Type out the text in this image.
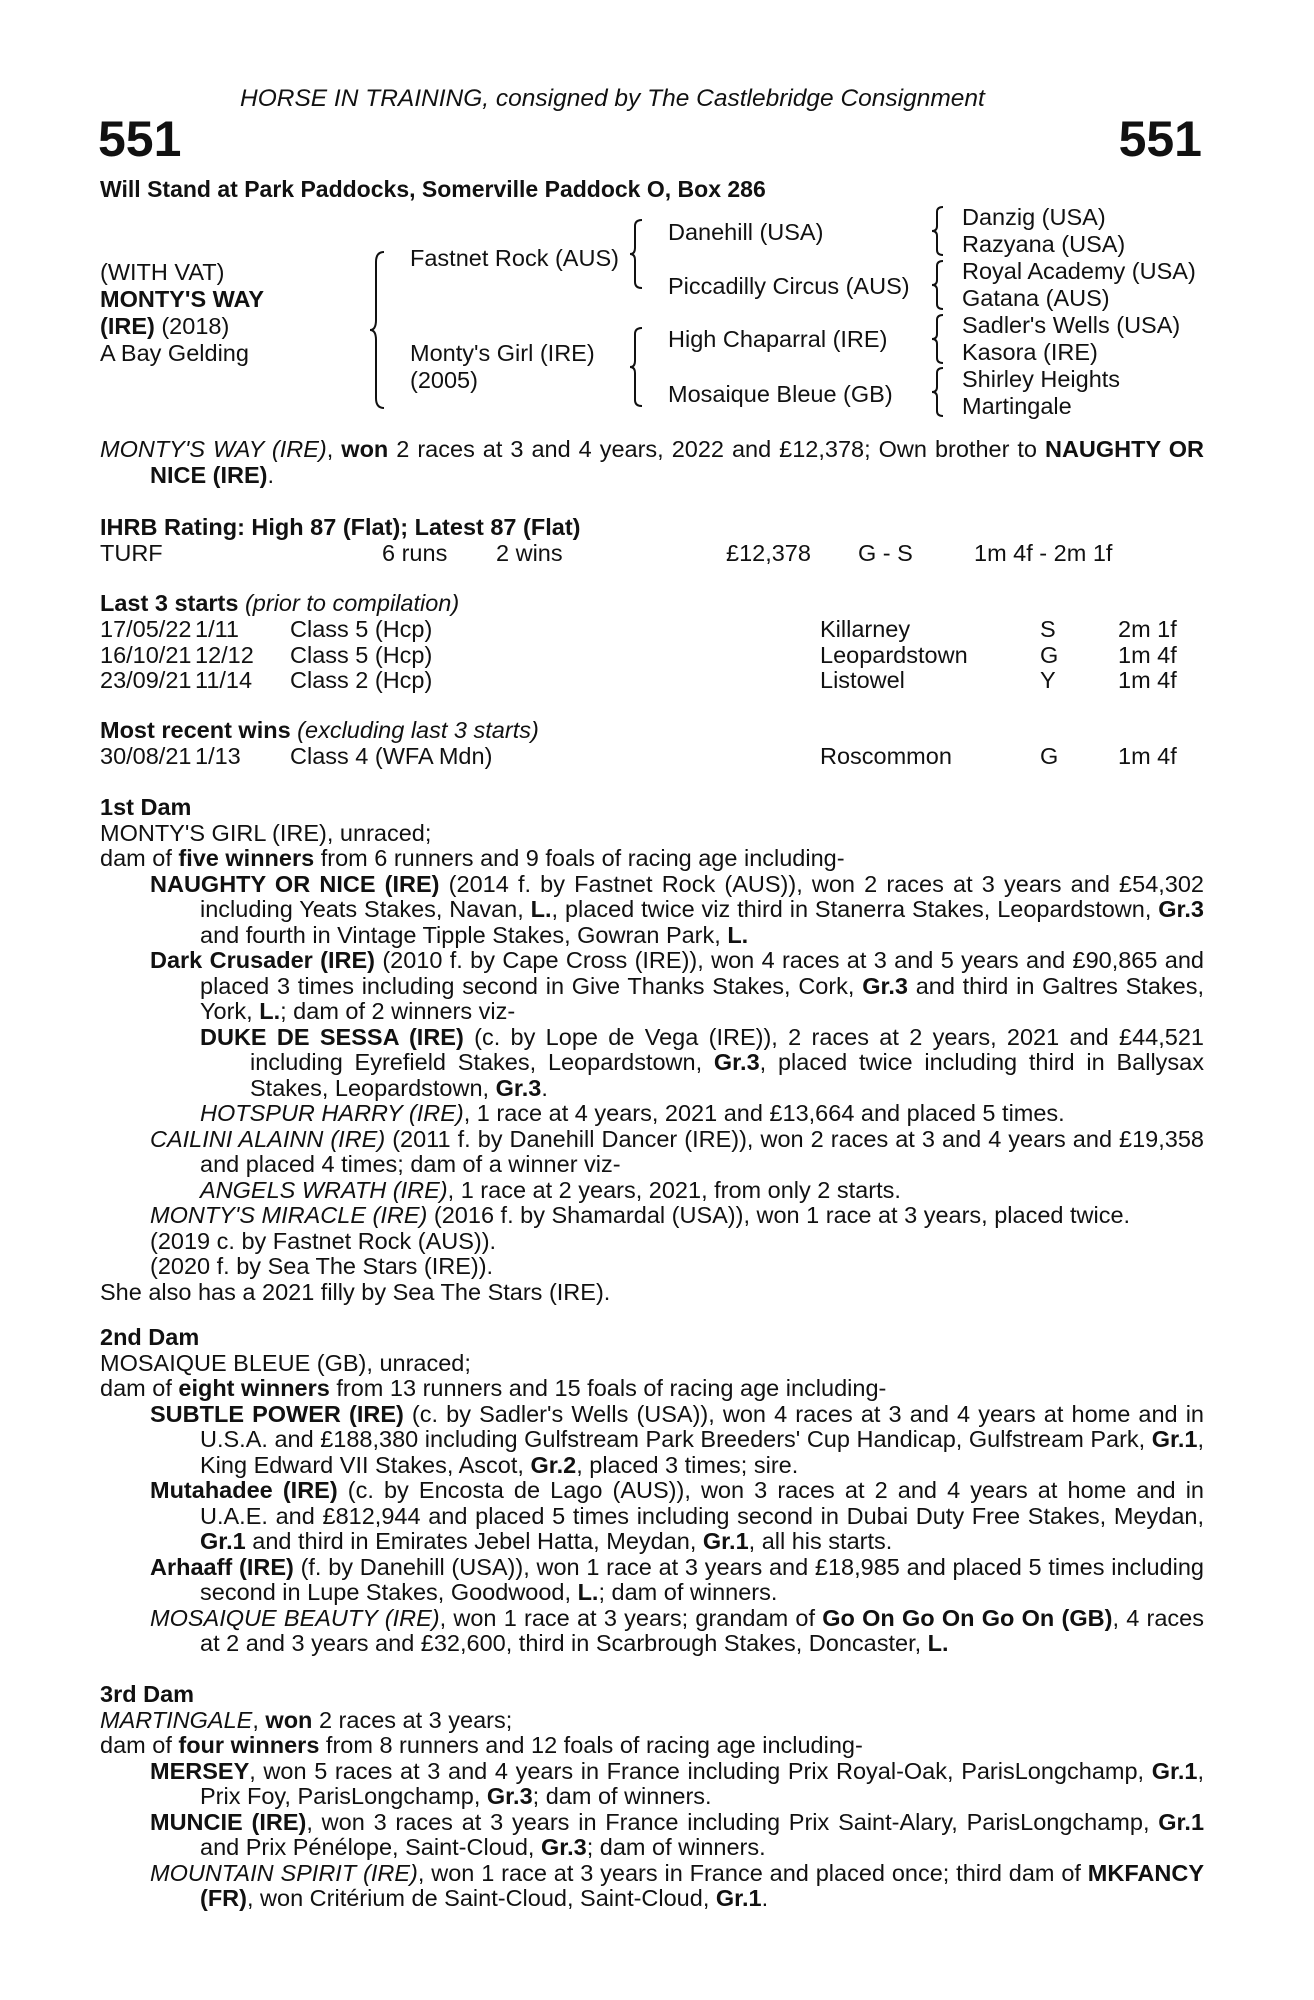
HORSE IN TRAINING, consigned by The Castlebridge Consignment
551	551
Will Stand at Park Paddocks, Somerville Paddock O, Box 286
(WITH VAT)
MONTY'S WAY
(IRE) (2018)
A Bay Gelding
Fastnet Rock (AUS)
Monty's Girl (IRE)
(2005)
Danehill (USA)
Piccadilly Circus (AUS)
High Chaparral (IRE)
Mosaique Bleue (GB)
Danzig (USA)
Razyana (USA)
Royal Academy (USA)
Gatana (AUS)
Sadler's Wells (USA)
Kasora (IRE)
Shirley Heights
Martingale
MONTY'S WAY (IRE), won 2 races at 3 and 4 years, 2022 and £12,378; Own brother to NAUGHTY OR NICE (IRE).
IHRB Rating: High 87 (Flat); Latest 87 (Flat)
TURF	6 runs 2 wins	£12,378 G - S	1m 4f - 2m 1f
Last 3 starts (prior to compilation)
17/05/22 1/11 Class 5 (Hcp)	Killarney	S	2m 1f
16/10/21 12/12 Class 5 (Hcp)	Leopardstown	G	1m 4f
23/09/21 11/14 Class 2 (Hcp)	Listowel	Y	1m 4f
Most recent wins (excluding last 3 starts)
30/08/21 1/13 Class 4 (WFA Mdn)	Roscommon	G	1m 4f
1st Dam
MONTY'S GIRL (IRE), unraced;
dam of five winners from 6 runners and 9 foals of racing age including-
NAUGHTY OR NICE (IRE) (2014 f. by Fastnet Rock (AUS)), won 2 races at 3 years and £54,302 including Yeats Stakes, Navan, L., placed twice viz third in Stanerra Stakes, Leopardstown, Gr.3 and fourth in Vintage Tipple Stakes, Gowran Park, L.
Dark Crusader (IRE) (2010 f. by Cape Cross (IRE)), won 4 races at 3 and 5 years and £90,865 and placed 3 times including second in Give Thanks Stakes, Cork, Gr.3 and third in Galtres Stakes, York, L.; dam of 2 winners viz-
DUKE DE SESSA (IRE) (c. by Lope de Vega (IRE)), 2 races at 2 years, 2021 and £44,521 including Eyrefield Stakes, Leopardstown, Gr.3, placed twice including third in Ballysax Stakes, Leopardstown, Gr.3.
HOTSPUR HARRY (IRE), 1 race at 4 years, 2021 and £13,664 and placed 5 times.
CAILINI ALAINN (IRE) (2011 f. by Danehill Dancer (IRE)), won 2 races at 3 and 4 years and £19,358 and placed 4 times; dam of a winner viz-
ANGELS WRATH (IRE), 1 race at 2 years, 2021, from only 2 starts.
MONTY'S MIRACLE (IRE) (2016 f. by Shamardal (USA)), won 1 race at 3 years, placed twice.
(2019 c. by Fastnet Rock (AUS)).
(2020 f. by Sea The Stars (IRE)).
She also has a 2021 filly by Sea The Stars (IRE).
2nd Dam
MOSAIQUE BLEUE (GB), unraced;
dam of eight winners from 13 runners and 15 foals of racing age including-
SUBTLE POWER (IRE) (c. by Sadler's Wells (USA)), won 4 races at 3 and 4 years at home and in U.S.A. and £188,380 including Gulfstream Park Breeders' Cup Handicap, Gulfstream Park, Gr.1, King Edward VII Stakes, Ascot, Gr.2, placed 3 times; sire.
Mutahadee (IRE) (c. by Encosta de Lago (AUS)), won 3 races at 2 and 4 years at home and in U.A.E. and £812,944 and placed 5 times including second in Dubai Duty Free Stakes, Meydan, Gr.1 and third in Emirates Jebel Hatta, Meydan, Gr.1, all his starts.
Arhaaff (IRE) (f. by Danehill (USA)), won 1 race at 3 years and £18,985 and placed 5 times including second in Lupe Stakes, Goodwood, L.; dam of winners.
MOSAIQUE BEAUTY (IRE), won 1 race at 3 years; grandam of Go On Go On Go On (GB), 4 races at 2 and 3 years and £32,600, third in Scarbrough Stakes, Doncaster, L.
3rd Dam
MARTINGALE, won 2 races at 3 years;
dam of four winners from 8 runners and 12 foals of racing age including-
MERSEY, won 5 races at 3 and 4 years in France including Prix Royal-Oak, ParisLongchamp, Gr.1, Prix Foy, ParisLongchamp, Gr.3; dam of winners.
MUNCIE (IRE), won 3 races at 3 years in France including Prix Saint-Alary, ParisLongchamp, Gr.1 and Prix Pénélope, Saint-Cloud, Gr.3; dam of winners.
MOUNTAIN SPIRIT (IRE), won 1 race at 3 years in France and placed once; third dam of MKFANCY (FR), won Critérium de Saint-Cloud, Saint-Cloud, Gr.1.
